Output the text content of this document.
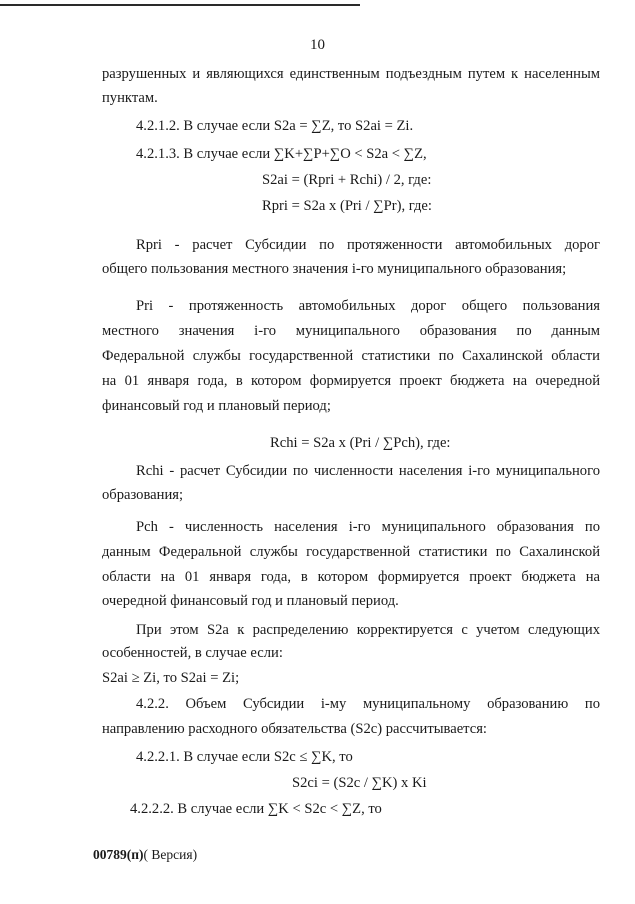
10
разрушенных и являющихся единственным подъездным путем к населенным
пунктам.
4.2.1.2. В случае если S2a = ∑Z, то S2ai = Zi.
4.2.1.3. В случае если ∑K+∑P+∑O < S2a < ∑Z,
S2ai = (Rpri + Rchi) / 2, где:
Rpri = S2a x (Pri / ∑Pr), где:
Rpri - расчет Субсидии по протяженности автомобильных дорог
общего пользования местного значения i-го муниципального образования;
Pri - протяженность автомобильных дорог общего пользования
местного значения i-го муниципального образования по данным
Федеральной службы государственной статистики по Сахалинской области
на 01 января года, в котором формируется проект бюджета на очередной
финансовый год и плановый период;
Rchi = S2a x (Pri / ∑Pch), где:
Rchi - расчет Субсидии по численности населения i-го муниципального
образования;
Pch - численность населения i-го муниципального образования по
данным Федеральной службы государственной статистики по Сахалинской
области на 01 января года, в котором формируется проект бюджета на
очередной финансовый год и плановый период.
При этом S2a к распределению корректируется с учетом следующих
особенностей, в случае если:
S2ai ≥ Zi, то S2ai = Zi;
4.2.2. Объем Субсидии i-му муниципальному образованию по
направлению расходного обязательства (S2c) рассчитывается:
4.2.2.1. В случае если S2c ≤ ∑K, то
S2ci = (S2c / ∑K) x Ki
4.2.2.2. В случае если ∑K < S2c < ∑Z, то
00789(п)( Версия)
